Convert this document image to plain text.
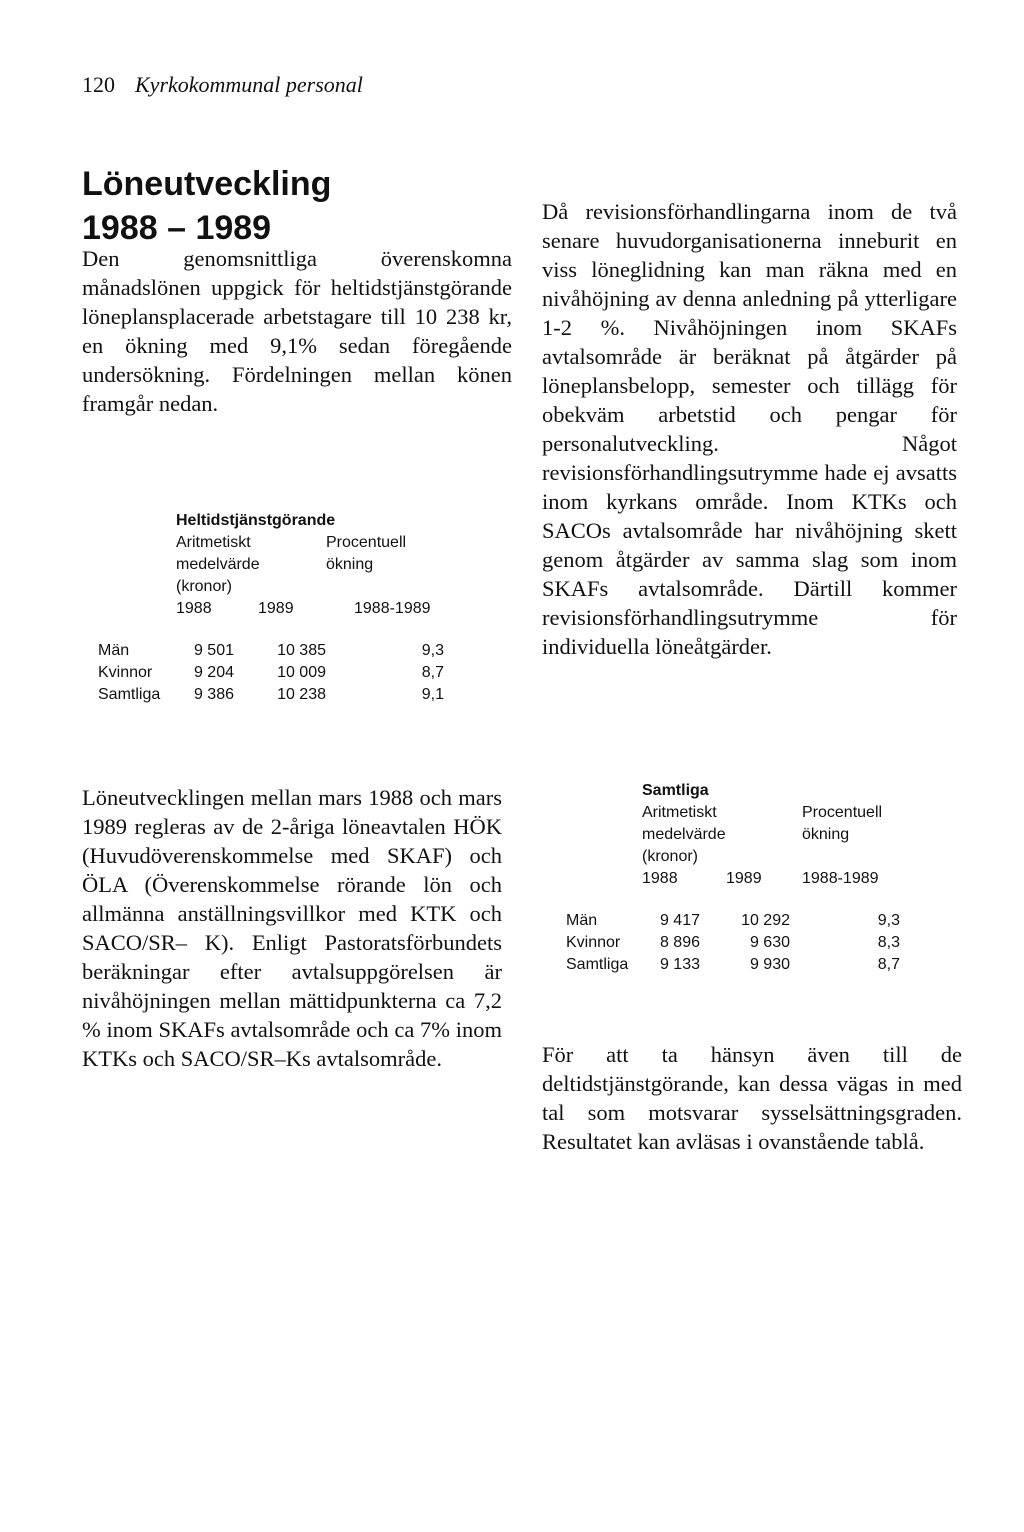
120 Kyrkokommunal personal
Löneutveckling
1988 – 1989
Den genomsnittliga överenskomna månadslönen uppgick för heltidstjänstgörande löneplansplacerade arbetstagare till 10 238 kr, en ökning med 9,1% sedan föregående undersökning. Fördelningen mellan könen framgår nedan.
Då revisionsförhandlingarna inom de två senare huvudorganisationerna inneburit en viss löneglidning kan man räkna med en nivåhöjning av denna anledning på ytterligare 1-2 %. Nivåhöjningen inom SKAFs avtalsområde är beräknat på åtgärder på löneplansbelopp, semester och tillägg för obekväm arbetstid och pengar för personalutveckling. Något revisionsförhandlingsutrymme hade ej avsatts inom kyrkans område. Inom KTKs och SACOs avtalsområde har nivåhöjning skett genom åtgärder av samma slag som inom SKAFs avtalsområde. Därtill kommer revisionsförhandlingsutrymme för individuella löneåtgärder.
Heltidstjänstgörande
Aritmetiskt
medelvärde
(kronor)
Procentuell
ökning
1988	1989	1988-1989
Män	9 501	10 385	9,3
Kvinnor	9 204	10 009	8,7
Samtliga	9 386	10 238	9,1
Löneutvecklingen mellan mars 1988 och mars 1989 regleras av de 2-åriga löneavtalen HÖK (Huvudöverenskommelse med SKAF) och ÖLA (Överenskommelse rörande lön och allmänna anställningsvillkor med KTK och SACO/SR– K). Enligt Pastoratsförbundets beräkningar efter avtalsuppgörelsen är nivåhöjningen mellan mättidpunkterna ca 7,2 % inom SKAFs avtalsområde och ca 7% inom KTKs och SACO/SR–Ks avtalsområde.
Samtliga
Aritmetiskt
medelvärde
(kronor)
Procentuell
ökning
1988	1989	1988-1989
Män	9 417	10 292	9,3
Kvinnor	8 896	9 630	8,3
Samtliga	9 133	9 930	8,7
För att ta hänsyn även till de deltidstjänstgörande, kan dessa vägas in med tal som motsvarar sysselsättningsgraden. Resultatet kan avläsas i ovanstående tablå.
